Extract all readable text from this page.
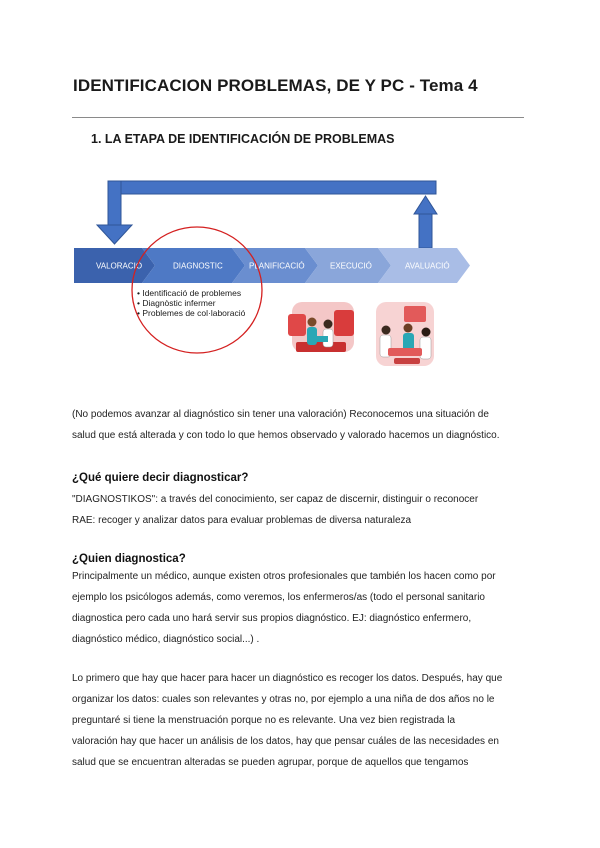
IDENTIFICACION PROBLEMAS, DE Y PC - Tema 4
1. LA ETAPA DE IDENTIFICACIÓN DE PROBLEMAS
VALORACIÓ	DIAGNOSTIC	PLANIFICACIÓ	EXECUCIÓ	AVALUACIÓ
• Identificació de problemes
• Diagnòstic infermer
• Problemes de col·laboració
(No podemos avanzar al diagnóstico sin tener una valoración) Reconocemos una situación de
salud que está alterada y con todo lo que hemos observado y valorado hacemos un diagnóstico.
¿Qué quiere decir diagnosticar?
"DIAGNOSTIKOS": a través del conocimiento, ser capaz de discernir, distinguir o reconocer
RAE: recoger y analizar datos para evaluar problemas de diversa naturaleza
¿Quien diagnostica?
Principalmente un médico, aunque existen otros profesionales que también los hacen como por
ejemplo los psicólogos además, como veremos, los enfermeros/as (todo el personal sanitario
diagnostica pero cada uno hará servir sus propios diagnóstico. EJ: diagnóstico enfermero,
diagnóstico médico, diagnóstico social...) .
Lo primero que hay que hacer para hacer un diagnóstico es recoger los datos. Después, hay que
organizar los datos: cuales son relevantes y otras no, por ejemplo a una niña de dos años no le
preguntaré si tiene la menstruación porque no es relevante. Una vez bien registrada la
valoración hay que hacer un análisis de los datos, hay que pensar cuáles de las necesidades en
salud que se encuentran alteradas se pueden agrupar, porque de aquellos que tengamos
